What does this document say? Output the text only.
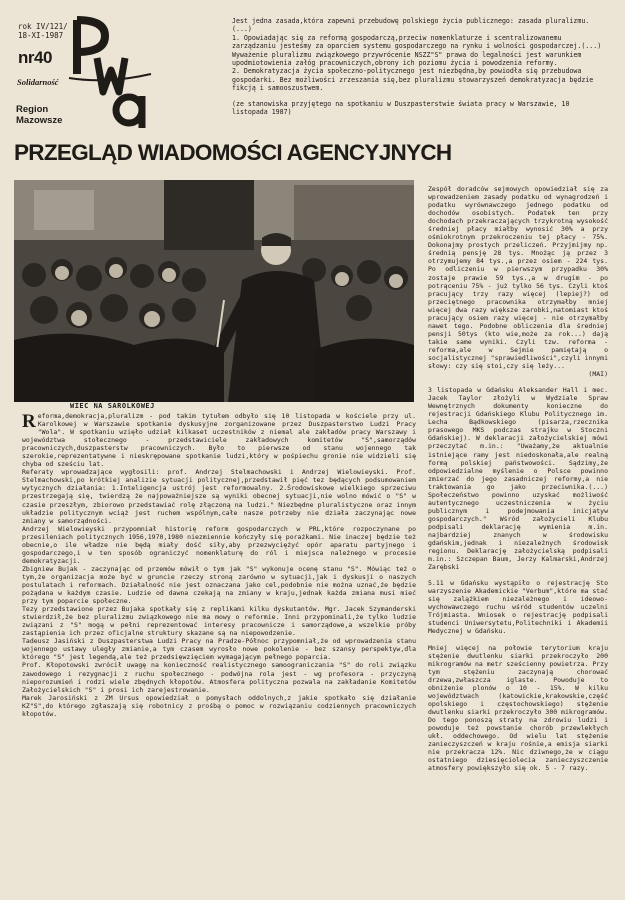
rok IV/121/
18-XI-1987
nr40
Solidarność
Region
Mazowsze

Jest jedna zasada,która zapewni przebudowę polskiego życia publicznego: zasada pluralizmu.(...)

1. Opowiadając się za reformą gospodarczą,przeciw nomenklaturze i scentralizowanemu zarządzaniu jesteśmy za oparciem systemu gospodarczego na rynku i wolności gospodarczej.(...) Wyważenie pluralizmu związkowego przywrócenie NSZZ"S" prawa do legalności jest warunkiem upodmiotowienia załóg pracowniczych,obrony ich poziomu życia i powodzenia reformy.

2. Demokratyzacja życia społeczno-politycznego jest niezbędna,by powiodła się przebudowa gospodarki. Bez możliwości zrzeszania się,bez pluralizmu stowarzyszeń demokratyzacja będzie fikcją i samooszustwem.

(ze stanowiska przyjętego na spotkaniu w Duszpasterstwie świata pracy w Warszawie, 10 listopada 1987)

PRZEGLĄD WIADOMOŚCI AGENCYJNYCH
WIEC NA SAROLKOWEJ

Reforma,demokracja,pluralizm - pod takim tytułem odbyło się 10 listopada w kościele przy ul. Karolkowej w Warszawie spotkanie dyskusyjne zorganizowane przez Duszpasterstwo Ludzi Pracy "Wola". W spotkaniu wzięło udział kilkaset uczestników z niemal ale zakładów pracy Warszawy i województwa stołecznego - przedstawiciele zakładowych komitetów "S",samorządów pracowniczych,duszpasterstw pracowniczych. Było to pierwsze od stanu wojennego tak szerokie,reprezentatywne i nieskrępowane spotkanie ludzi,który w pośpiechu gronie nie widzieli się chyba od sześciu lat.

Referaty wprowadzające wygłosili: prof. Andrzej Stelmachowski i Andrzej Wielowieyski. Prof. Stelmachowski,po krótkiej analizie sytuacji politycznej,przedstawił pięć tez będących podsumowaniem wytycznych działania: 1.Inteligencja ustrój jest reformowalny. 2.Środowiskowe wielkiego sprzeciwu przestrzegają się, twierdzą że najpoważniejsze są wyniki obecnej sytuacji,nie wolno mówić o "S" w czasie przeszłym, zbiorowo przedstawiać rolę złączoną na ludzi." Niezbędne pluralistyczne oraz innym układzie politycznym wciąż jest ruchem wspólnym,całe nasze potrzeby nie działa zaczynając nowe zmiany w samorządności.

Andrzej Wielowieyski przypomniał historię reform gospodarczych w PRL,które rozpoczynane po przesileniach politycznych 1956,1970,1980 niezmiennie kończyły się porażkami. Nie inaczej będzie też obecnie,o ile władze nie będą miały dość siły,aby przezwyciężyć opór aparatu partyjnego i gospodarczego,i w ten sposób ograniczyć nomenklaturę do ról i miejsca należnego w procesie demokratyzacji.

Zbigniew Bujak - zaczynając od przemów mówił o tym jak "S" wykonuje ocenę stanu "S". Mówiąc też o tym,że organizacja może być w gruncie rzeczy stroną zarówno w sytuacji,jak i dyskusji o naszych postulatach i reformach. Działalność nie jest oznaczana jako cel,podobnie nie można uznać,że będzie pożądana w każdym czasie. Ludzie od dawna czekają na zmiany w kraju,jednak każda zmiana musi mieć przy tym poparcie społeczne.

Tezy przedstawione przez Bujaka spotkały się z replikami kilku dyskutantów. Mgr. Jacek Szymanderski stwierdził,że bez pluralizmu związkowego nie ma mowy o reformie. Inni przypominali,że tylko ludzie związani z "S" mogą w pełni reprezentować interesy pracownicze i samorządowe,a wszelkie próby zastąpienia ich przez oficjalne struktury skazane są na niepowodzenie.

Tadeusz Jasiński z Duszpasterstwa Ludzi Pracy na Pradze-Północ przypomniał,że od wprowadzenia stanu wojennego ustawy uległy zmianie,a tym czasem wyrosło nowe pokolenie - bez szansy perspektyw,dla którego "S" jest legendą,ale też przedsięwzięciem wymagającym pełnego poparcia.

Prof. Kłopotowski zwrócił uwagę na konieczność realistycznego samoograniczania "S" do roli związku zawodowego i rezygnacji z ruchu społecznego - podwójna rola jest - wg profesora - przyczyną nieporozumień i rodzi wiele zbędnych kłopotów. Atmosfera polityczna pozwala na zakładanie Komitetów Założycielskich "S" i prosi ich zarejestrowanie.

Marek Jarosiński z ZM Ursus opowiedział o pomysłach oddolnych,z jakie spotkało się działanie KZ"S",do którego zgłaszają się robotnicy z prośbą o pomoc w rozwiązaniu codziennych pracowniczych kłopotów.

Zespół doradców sejmowych opowiedział się za wprowadzeniem zasady podatku od wynagrodzeń i podatku wyrównawczego jednego podatku od dochodów osobistych. Podatek ten przy dochodach przekraczających trzykrotną wysokość średniej płacy miałby wynosić 30% a przy ośmiokrotnym przekroczeniu tej płacy - 75%. Dokonajmy prostych przeliczeń. Przyjmijmy np. średnią pensję 28 tys. Mnożąc ją przez 3 otrzymujemy 84 tys.,a przez osiem - 224 tys. Po odliczeniu w pierwszym przypadku 30% zostaje prawie 59 tys.,a w drugim - po potrąceniu 75% - już tylko 56 tys. Czyli ktoś pracujący trzy razy więcej (lepiej?) od przeciętnego pracownika otrzymałby mniej więcej dwa razy większe zarobki,natomiast ktoś pracujący osiem razy więcej - nie otrzymałby nawet tego. Podobne obliczenia dla średniej pensji 50tys (kto wie,może za rok...) dają takie same wyniki. Czyli tzw. reforma - reforma,ale w Sejmie pamiętają o socjalistycznej "sprawiedliwości",czyli innymi słowy: czy się stoi,czy się leży...

(MAI)

3 listopada w Gdańsku Aleksander Hall i mec. Jacek Taylor złożyli w Wydziale Spraw Wewnętrznych dokumenty konieczne do rejestracji Gdańskiego Klubu Politycznego im. Lecha Bądkowskiego (pisarza,rzecznika prasowego MKS podczas strajku w Stoczni Gdańskiej). W deklaracji założycielskiej mówi przeczytać m.in.: "Uważamy,że aktualnie istniejące ramy jest niedoskonała,ale realną formą polskiej państwowości. Sądzimy,że odpowiedzialne myślenie o Polsce powinno zmierzać do jego zasadniczej reformy,a nie traktowania go jako przeciwnika.(...) Społeczeństwo powinno uzyskać możliwość autentycznego uczestniczenia w życiu publicznym i podejmowania inicjatyw gospodarczych." Wśród założycieli Klubu podpisali deklarację wymienia m.in. najbardziej znanych w środowisku gdańskim,jednak i niezależnych środowisk regionu. Deklarację założycielską podpisali m.in.: Szczepan Baum, Jerzy Kalmarski,Andrzej Zarębski

5.11 w Gdańsku wystąpiło o rejestrację Sto warzyszenie Akademickie "Verbum",które ma stać się zalążkiem niezależnego i ideowo-wychowawczego ruchu wśród studentów uczelni Trójmiasta. Wniosek o rejestrację podpisali studenci Uniwersytetu,Politechniki i Akademii Medycznej w Gdańsku.

Mniej więcej na połowie terytorium kraju stężenie dwutlenku siarki przekroczyło 200 mikrogramów na metr sześcienny powietrza. Przy tym stężeniu zaczynają chorować drzewa,zwłaszcza iglaste. Powoduje to obniżenie plonów o 10 - 15%. W kilku województwach (katowickie,krakowskie,część opolskiego i częstochowskiego) stężenie dwutlenku siarki przekroczyło 300 mikrogramów. Do tego ponoszą straty na zdrowiu ludzi i powoduje też powstanie chorób przewlekłych ukł. oddechowego. Od wielu lat stężenie zanieczyszczeń w kraju rośnie,a emisja siarki nie przekracza 12%. Nic dziwnego,że w ciągu ostatniego dziesięciolecia zanieczyszczenie atmosfery powiększyło się ok. 5 - 7 razy.
